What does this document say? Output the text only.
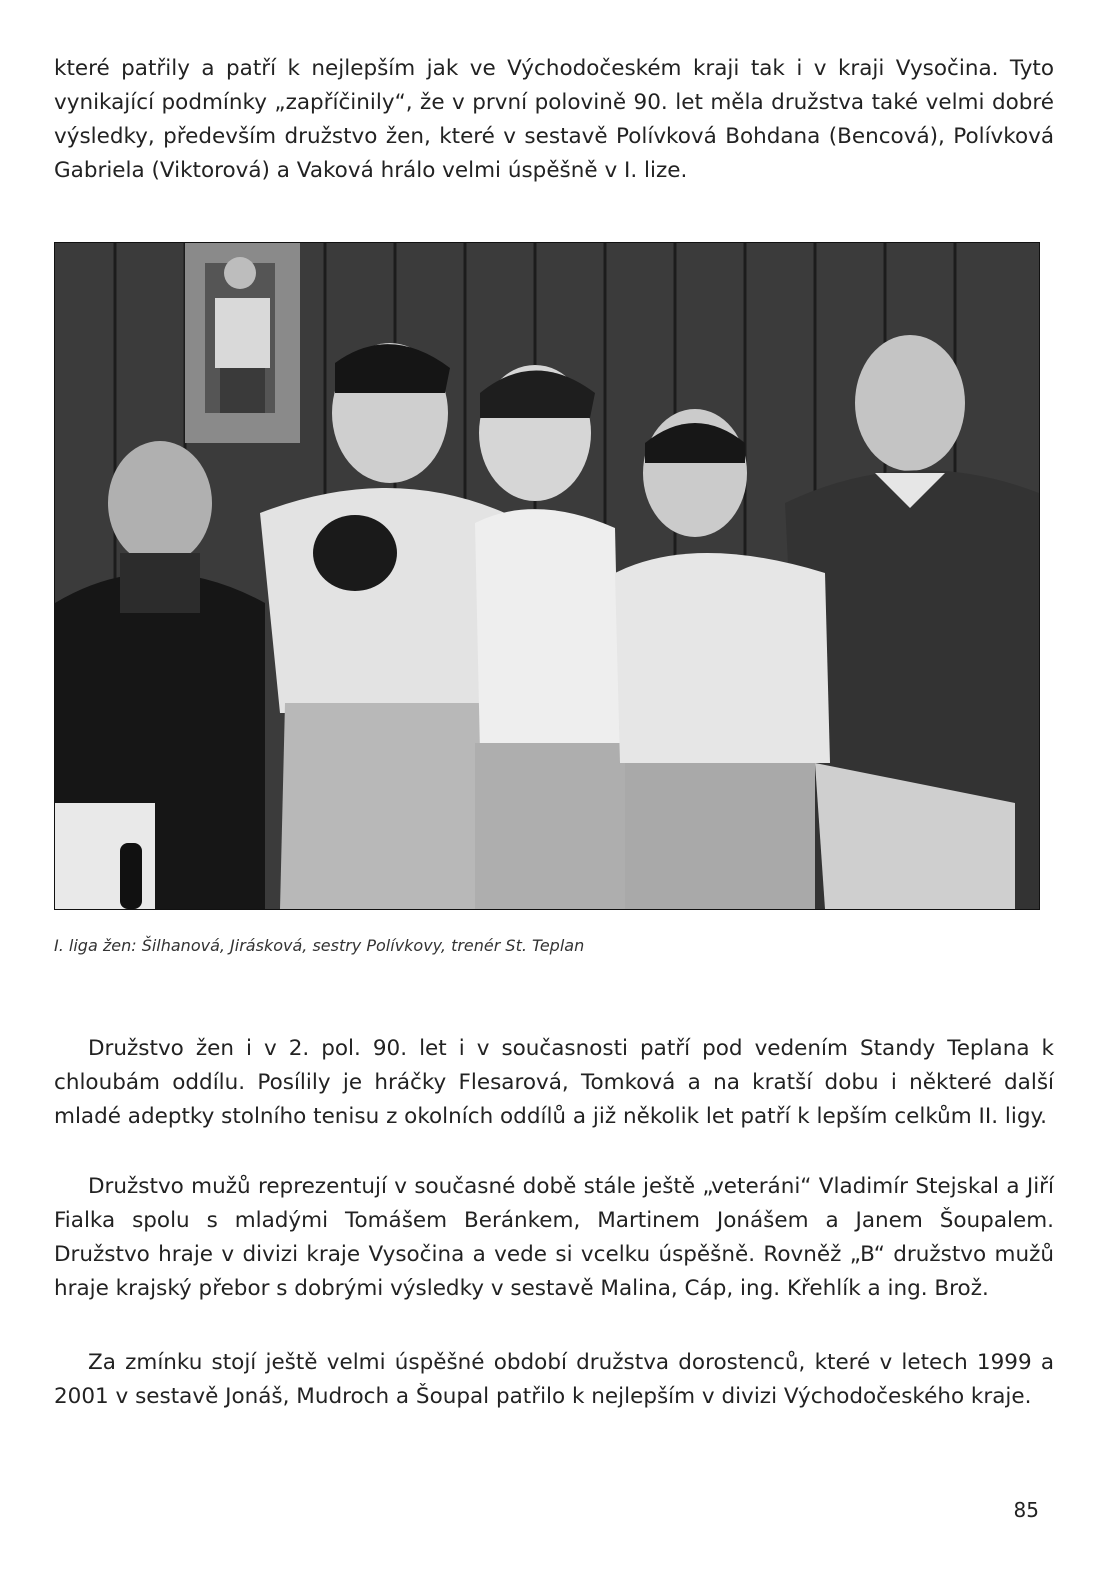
které patřily a patří k nejlepším jak ve Východočeském kraji tak i v kraji Vysočina. Tyto vynikající podmínky „zapříčinily“, že v první polovině 90. let měla družstva také velmi dobré výsledky, především družstvo žen, které v sestavě Polívková Bohdana (Bencová), Polívková Gabriela (Viktorová) a Vaková hrálo velmi úspěšně v I. lize.

I. liga žen: Šilhanová, Jirásková, sestry Polívkovy, trenér St. Teplan

Družstvo žen i v 2. pol. 90. let i v současnosti patří pod vedením Standy Teplana k chloubám oddílu. Posílily je hráčky Flesarová, Tomková a na kratší dobu i některé další mladé adeptky stolního tenisu z okolních oddílů a již několik let patří k lepším celkům II. ligy.

Družstvo mužů reprezentují v současné době stále ještě „veteráni“ Vladimír Stejskal a Jiří Fialka spolu s mladými Tomášem Beránkem, Martinem Jonášem a Janem Šoupalem. Družstvo hraje v divizi kraje Vysočina a vede si vcelku úspěšně. Rovněž „B“ družstvo mužů hraje krajský přebor s dobrými výsledky v sestavě Malina, Cáp, ing. Křehlík a ing. Brož.

Za zmínku stojí ještě velmi úspěšné období družstva dorostenců, které v letech 1999 a 2001 v sestavě Jonáš, Mudroch a Šoupal patřilo k nejlepším v divizi Východočeského kraje.

85
